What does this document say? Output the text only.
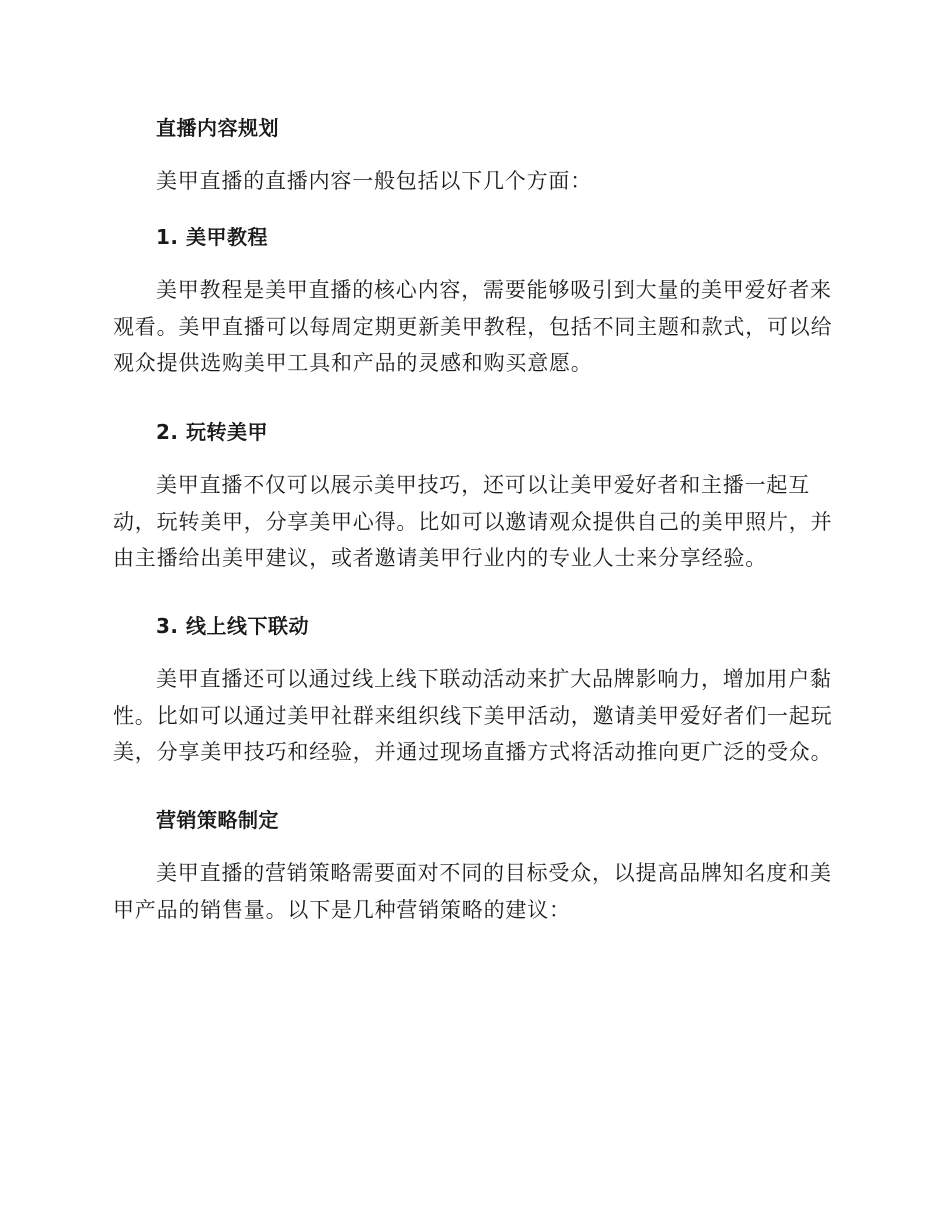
直播内容规划

美甲直播的直播内容一般包括以下几个方面：

1. 美甲教程

美甲教程是美甲直播的核心内容，需要能够吸引到大量的美甲爱好者来
观看。美甲直播可以每周定期更新美甲教程，包括不同主题和款式，可以给
观众提供选购美甲工具和产品的灵感和购买意愿。

2. 玩转美甲

美甲直播不仅可以展示美甲技巧，还可以让美甲爱好者和主播一起互
动，玩转美甲，分享美甲心得。比如可以邀请观众提供自己的美甲照片，并
由主播给出美甲建议，或者邀请美甲行业内的专业人士来分享经验。

3. 线上线下联动

美甲直播还可以通过线上线下联动活动来扩大品牌影响力，增加用户黏
性。比如可以通过美甲社群来组织线下美甲活动，邀请美甲爱好者们一起玩
美，分享美甲技巧和经验，并通过现场直播方式将活动推向更广泛的受众。

营销策略制定

美甲直播的营销策略需要面对不同的目标受众，以提高品牌知名度和美
甲产品的销售量。以下是几种营销策略的建议：
